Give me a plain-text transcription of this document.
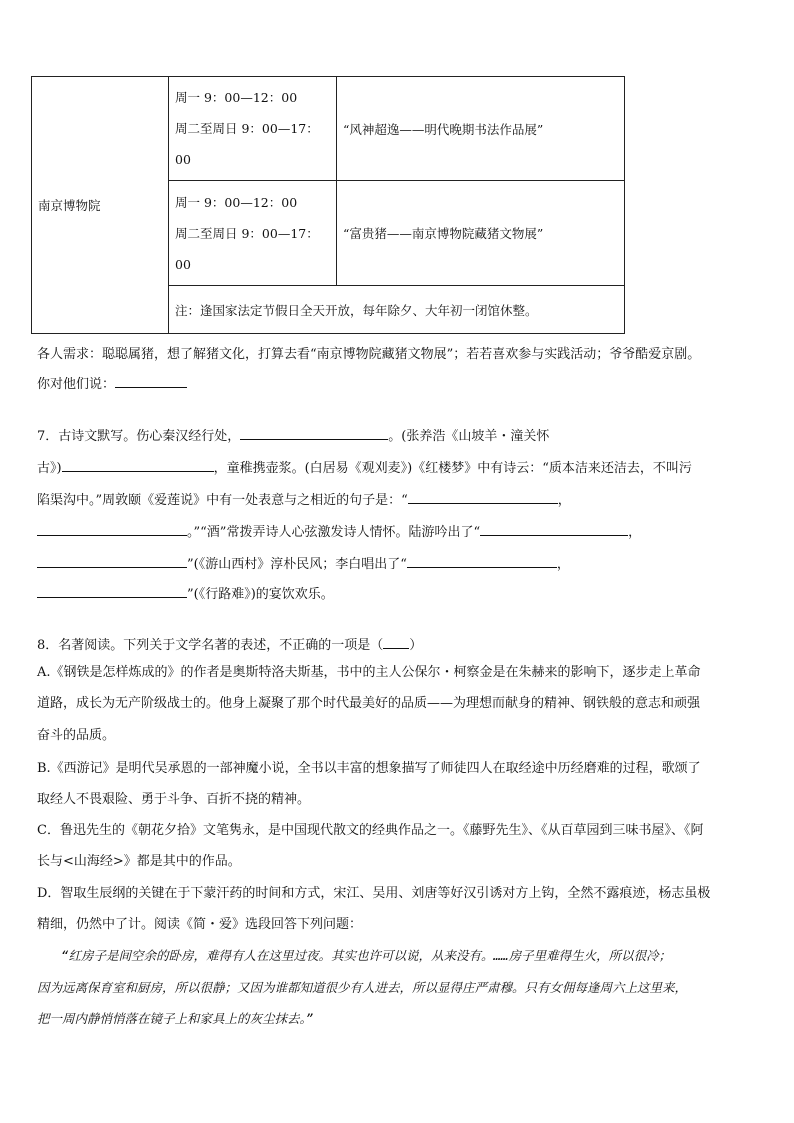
南京博物院	周一 9：00—12：00
周二至周日 9：00—17：
00	“风神超逸——明代晚期书法作品展”

	周一 9：00—12：00
周二至周日 9：00—17：
00	“富贵猪——南京博物院藏猪文物展”
	注：逢国家法定节假日全天开放，每年除夕、大年初一闭馆休整。	
各人需求：聪聪属猪，想了解猪文化，打算去看“南京博物院藏猪文物展”；若若喜欢参与实践活动；爷爷酷爱京剧。
你对他们说：
7．古诗文默写。伤心秦汉经行处，	。(张养浩《山坡羊・潼关怀
古》)	，童稚携壶浆。(白居易《观刈麦》)《红楼梦》中有诗云：“质本洁来还洁去，不叫污
陷渠沟中。”周敦颐《爱莲说》中有一处表意与之相近的句子是：“	，
。”“酒”常拨弄诗人心弦激发诗人情怀。陆游吟出了“	，
”(《游山西村》淳朴民风；李白唱出了“	，
”(《行路难》)的宴饮欢乐。
8．名著阅读。下列关于文学名著的表述，不正确的一项是（ ）
A.《钢铁是怎样炼成的》的作者是奥斯特洛夫斯基，书中的主人公保尔・柯察金是在朱赫来的影响下，逐步走上革命
道路，成长为无产阶级战士的。他身上凝聚了那个时代最美好的品质——为理想而献身的精神、钢铁般的意志和顽强
奋斗的品质。
B.《西游记》是明代吴承恩的一部神魔小说，全书以丰富的想象描写了师徒四人在取经途中历经磨难的过程，歌颂了
取经人不畏艰险、勇于斗争、百折不挠的精神。
C．鲁迅先生的《朝花夕拾》文笔隽永，是中国现代散文的经典作品之一。《藤野先生》、《从百草园到三味书屋》、《阿
长与<山海经>》都是其中的作品。
D．智取生辰纲的关键在于下蒙汗药的时间和方式，宋江、吴用、刘唐等好汉引诱对方上钩，全然不露痕迹，杨志虽极
精细，仍然中了计。阅读《简・爱》选段回答下列问题：
“红房子是间空余的卧房，难得有人在这里过夜。其实也许可以说，从来没有。……房子里难得生火，所以很冷；
因为远离保育室和厨房，所以很静；又因为谁都知道很少有人进去，所以显得庄严肃穆。只有女佣每逢周六上这里来，
把一周内静悄悄落在镜子上和家具上的灰尘抹去。”
